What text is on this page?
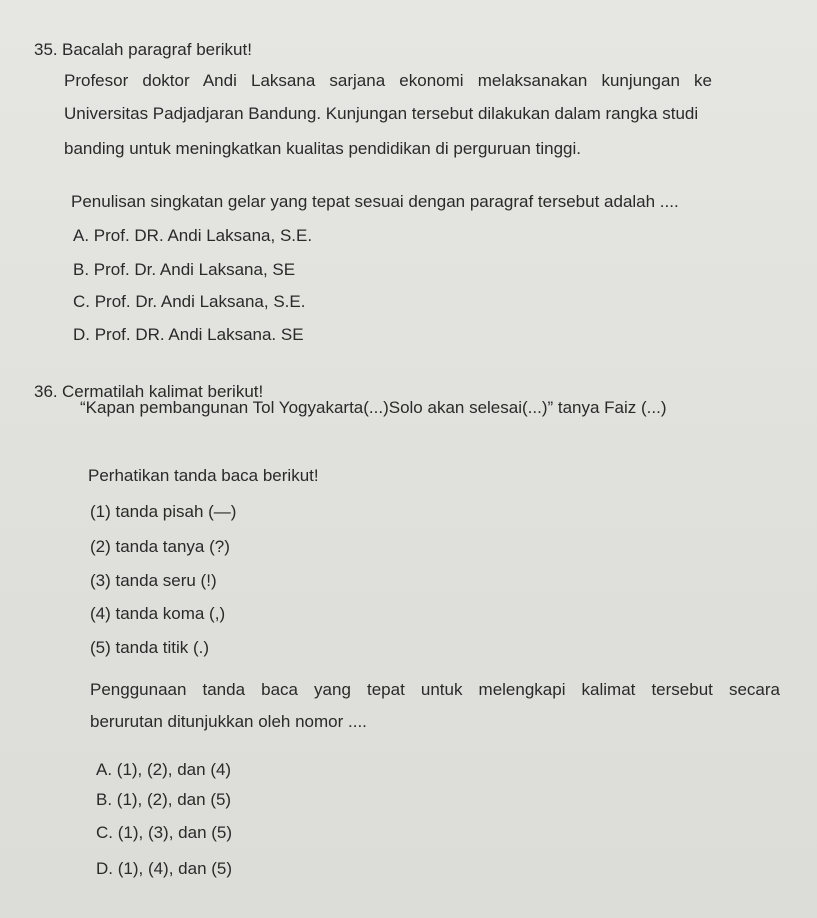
35. Bacalah paragraf berikut!
Profesor doktor Andi Laksana sarjana ekonomi melaksanakan kunjungan ke
Universitas Padjadjaran Bandung. Kunjungan tersebut dilakukan dalam rangka studi
banding untuk meningkatkan kualitas pendidikan di perguruan tinggi.
Penulisan singkatan gelar yang tepat sesuai dengan paragraf tersebut adalah ....
A. Prof. DR. Andi Laksana, S.E.
B. Prof. Dr. Andi Laksana, SE
C. Prof. Dr. Andi Laksana, S.E.
D. Prof. DR. Andi Laksana. SE
36. Cermatilah kalimat berikut!
“Kapan pembangunan Tol Yogyakarta(...)Solo akan selesai(...)” tanya Faiz (...)
Perhatikan tanda baca berikut!
(1) tanda pisah (—)
(2) tanda tanya (?)
(3) tanda seru (!)
(4) tanda koma (,)
(5) tanda titik (.)
Penggunaan tanda baca yang tepat untuk melengkapi kalimat tersebut secara
berurutan ditunjukkan oleh nomor ....
A. (1), (2), dan (4)
B. (1), (2), dan (5)
C. (1), (3), dan (5)
D. (1), (4), dan (5)
